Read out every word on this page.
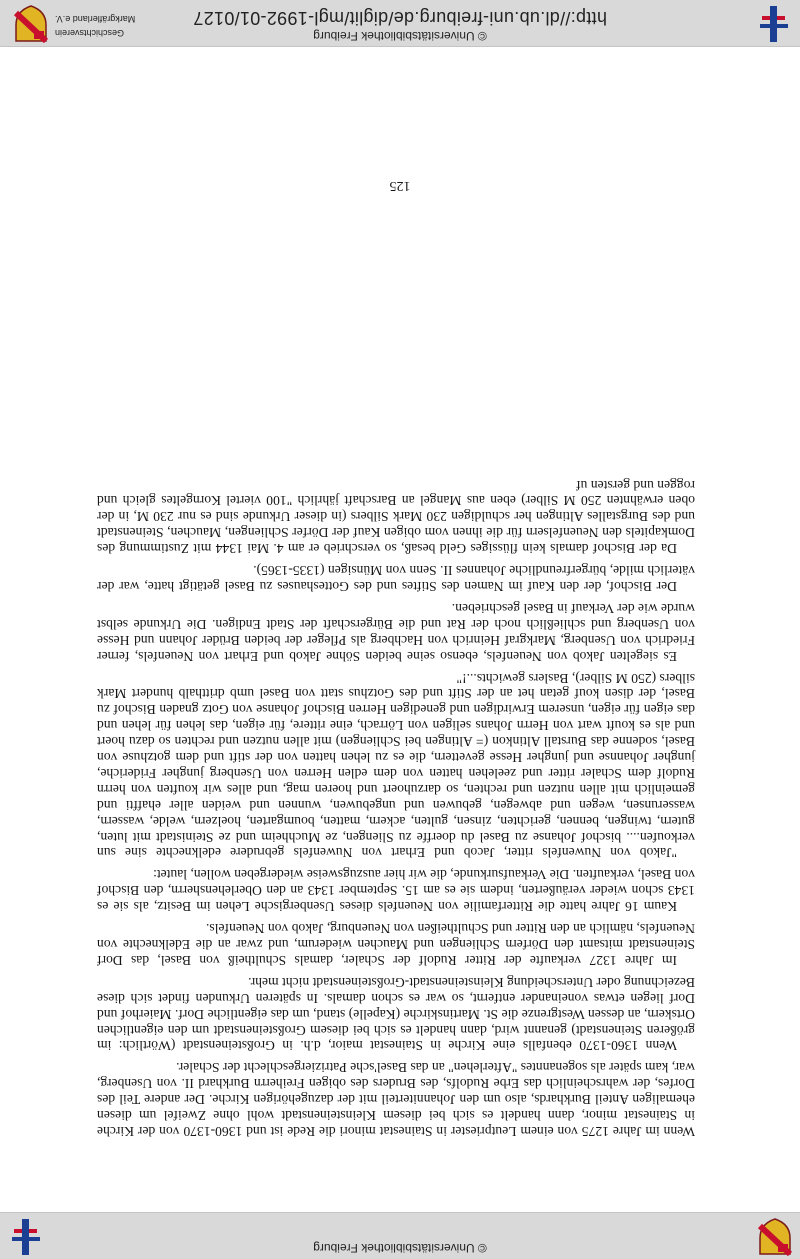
© Universitätsbibliothek Freiburg

Wenn im Jahre 1275 von einem Leutpriester in Stainestat minori die Rede ist und 1360-1370 von der Kirche in Stainestat minor, dann handelt es sich bei diesem Kleinsteinenstadt wohl ohne Zweifel um diesen ehemaligen Anteil Burkhards, also um den Johanniterteil mit der dazugehörigen Kirche. Der andere Teil des Dorfes, der wahrscheinlich das Erbe Rudolfs, des Bruders des obigen Freiherrn Burkhard II. von Usenberg, war, kam später als sogenanntes "Afterlehen" an das Basel'sche Patriziergeschlecht der Schaler.

Wenn 1360-1370 ebenfalls eine Kirche in Stainestat maior, d.h. in Großsteinenstadt (Wörtlich: im größeren Steinenstadt) genannt wird, dann handelt es sich bei diesem Großsteinenstadt um den eigentlichen Ortskern, an dessen Westgrenze die St. Martinskirche (Kapelle) stand, um das eigentliche Dorf. Maierhof und Dorf liegen etwas voneinander entfernt, so war es schon damals. In späteren Urkunden findet sich diese Bezeichnung oder Unterscheidung Kleinsteinenstadt-Großsteinenstadt nicht mehr.

Im Jahre 1327 verkaufte der Ritter Rudolf der Schaler, damals Schultheiß von Basel, das Dorf Steinenstadt mitsamt den Dörfern Schliengen und Mauchen wiederum, und zwar an die Edelknechte von Neuenfels, nämlich an den Ritter und Schultheißen von Neuenburg, Jakob von Neuenfels.

Kaum 16 Jahre hatte die Ritterfamilie von Neuenfels dieses Usenbergische Lehen im Besitz, als sie es 1343 schon wieder veräußerten, indem sie es am 15. September 1343 an den Oberlehensherrn, den Bischof von Basel, verkauften. Die Verkaufsurkunde, die wir hier auszugsweise wiedergeben wollen, lautet:

"Jakob von Nuwenfels ritter, Jacob und Erhart von Nuwenfels gebrudere edelknechte sine sun verkoufen.... bischof Johanse zu Basel du doerffe zu Sliengen, ze Muchheim und ze Steinistadt mit luten, gutern, twingen, bennen, gerichten, zinsen, gulten, ackern, matten, boumgarten, hoelzern, welde, wassern, wasserunsen, wegen und abwegen, gebuwen und ungebuwen, wunnen und weiden aller ehaffti und gemeinlich mit allen nutzen und rechten, so darzuhoert und hoeren mag, und alles wir kouften von herrn Rudolf dem Schaler ritter und zeelehen hatten von dem edlen Herren von Usenberg jungher Frideriche, jungher Johannse und jungher Hesse gevettern, die es zu lehen hatten von der stift und dem gotzhuse von Basel, sodenne das Burstall Altinkon (= Altingen bei Schliengen) mit allen nutzen und rechten so dazu hoert und als es kouft wart von Herrn Johans seligen von Lörrach, eine rittere, für eigen, das lehen für lehen und das eigen für eigen, unserem Erwirdigen und genedigen Herren Bischof Johanse von Gotz gnaden Bischof zu Basel, der disen kouf getan het an der Stift und des Gotzhus statt von Basel umb dritthalb hundert Mark silbers (250 M Silber), Baslers gewichts...!"

Es siegelten Jakob von Neuenfels, ebenso seine beiden Söhne Jakob und Erhart von Neuenfels, ferner Friedrich von Usenberg, Markgraf Heinrich von Hachberg als Pfleger der beiden Brüder Johann und Hesse von Usenberg und schließlich noch der Rat und die Bürgerschaft der Stadt Endigen. Die Urkunde selbst wurde wie der Verkauf in Basel geschrieben.

Der Bischof, der den Kauf im Namen des Stiftes und des Gotteshauses zu Basel getätigt hatte, war der väterlich milde, bürgerfreundliche Johannes II. Senn von Münsigen (1335-1365).

Da der Bischof damals kein flüssiges Geld besaß, so verschrieb er am 4. Mai 1344 mit Zustimmung des Domkapitels den Neuenfelsern für die ihnen vom obigen Kauf der Dörfer Schliengen, Mauchen, Steinenstadt und des Burgstalles Altingen her schuldigen 230 Mark Silbers (in dieser Urkunde sind es nur 230 M, in der oben erwähnten 250 M Silber) eben aus Mangel an Barschaft jährlich "100 viertel Korngeltes gleich und roggen und gersten uf

125
© Universitätsbibliothek Freiburg
http://dl.ub.uni-freiburg.de/diglit/mgl-1992-01/0127
Geschichtsverein
Markgräflerland e.V.
